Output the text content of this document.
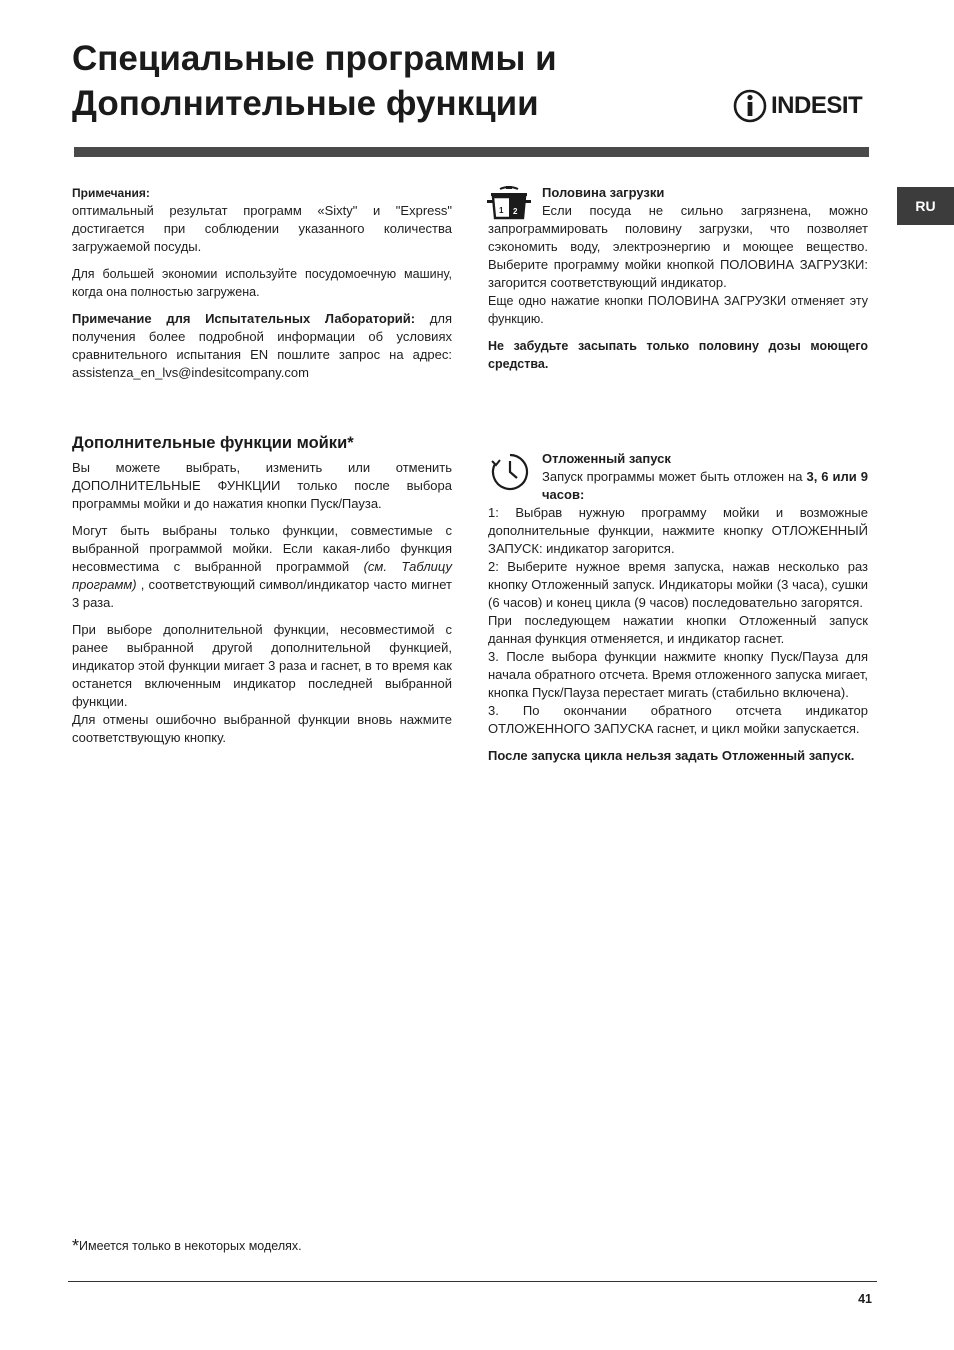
Специальные программы и
Дополнительные функции	INDESIT
RU

Примечания:

оптимальный результат программ «Sixty" и "Express" достигается при соблюдении указанного количества загружаемой посуды.

Для большей экономии используйте посудомоечную машину, когда она полностью загружена.

Примечание для Испытательных Лабораторий: для получения более подробной информации об условиях сравнительного испытания EN пошлите запрос на адрес: assistenza_en_lvs@indesitcompany.com

Дополнительные функции мойки*

Вы можете выбрать, изменить или отменить ДОПОЛНИТЕЛЬНЫЕ ФУНКЦИИ только после выбора программы мойки и до нажатия кнопки Пуск/Пауза.

Могут быть выбраны только функции, совместимые с выбранной программой мойки. Если какая-либо функция несовместима с выбранной программой (см. Таблицу программ) , соответствующий символ/индикатор часто мигнет 3 раза.

При выборе дополнительной функции, несовместимой с ранее выбранной другой дополнительной функцией, индикатор этой функции мигает 3 раза и гаснет, в то время как останется включенным индикатор последней выбранной функции.

Для отмены ошибочно выбранной функции вновь нажмите соответствующую кнопку.

1 2

Половина загрузки

Если посуда не сильно загрязнена, можно запрограммировать половину загрузки, что позволяет сэкономить воду, электроэнергию и моющее вещество. Выберите программу мойки кнопкой ПОЛОВИНА ЗАГРУЗКИ: загорится соответствующий индикатор.

Еще одно нажатие кнопки ПОЛОВИНА ЗАГРУЗКИ отменяет эту функцию.

Не забудьте засыпать только половину дозы моющего средства.

Отложенный запуск

Запуск программы может быть отложен на 3, 6 или 9 часов:

1: Выбрав нужную программу мойки и возможные дополнительные функции, нажмите кнопку ОТЛОЖЕННЫЙ ЗАПУСК: индикатор загорится.

2: Выберите нужное время запуска, нажав несколько раз кнопку Отложенный запуск. Индикаторы мойки (3 часа), сушки (6 часов) и конец цикла (9 часов) последовательно загорятся.

При последующем нажатии кнопки Отложенный запуск данная функция отменяется, и индикатор гаснет.

3. После выбора функции нажмите кнопку Пуск/Пауза для начала обратного отсчета. Время отложенного запуска мигает, кнопка Пуск/Пауза перестает мигать (стабильно включена).

3. По окончании обратного отсчета индикатор ОТЛОЖЕННОГО ЗАПУСКА гаснет, и цикл мойки запускается.

После запуска цикла нельзя задать Отложенный запуск.

*Имеется только в некоторых моделях.
41
